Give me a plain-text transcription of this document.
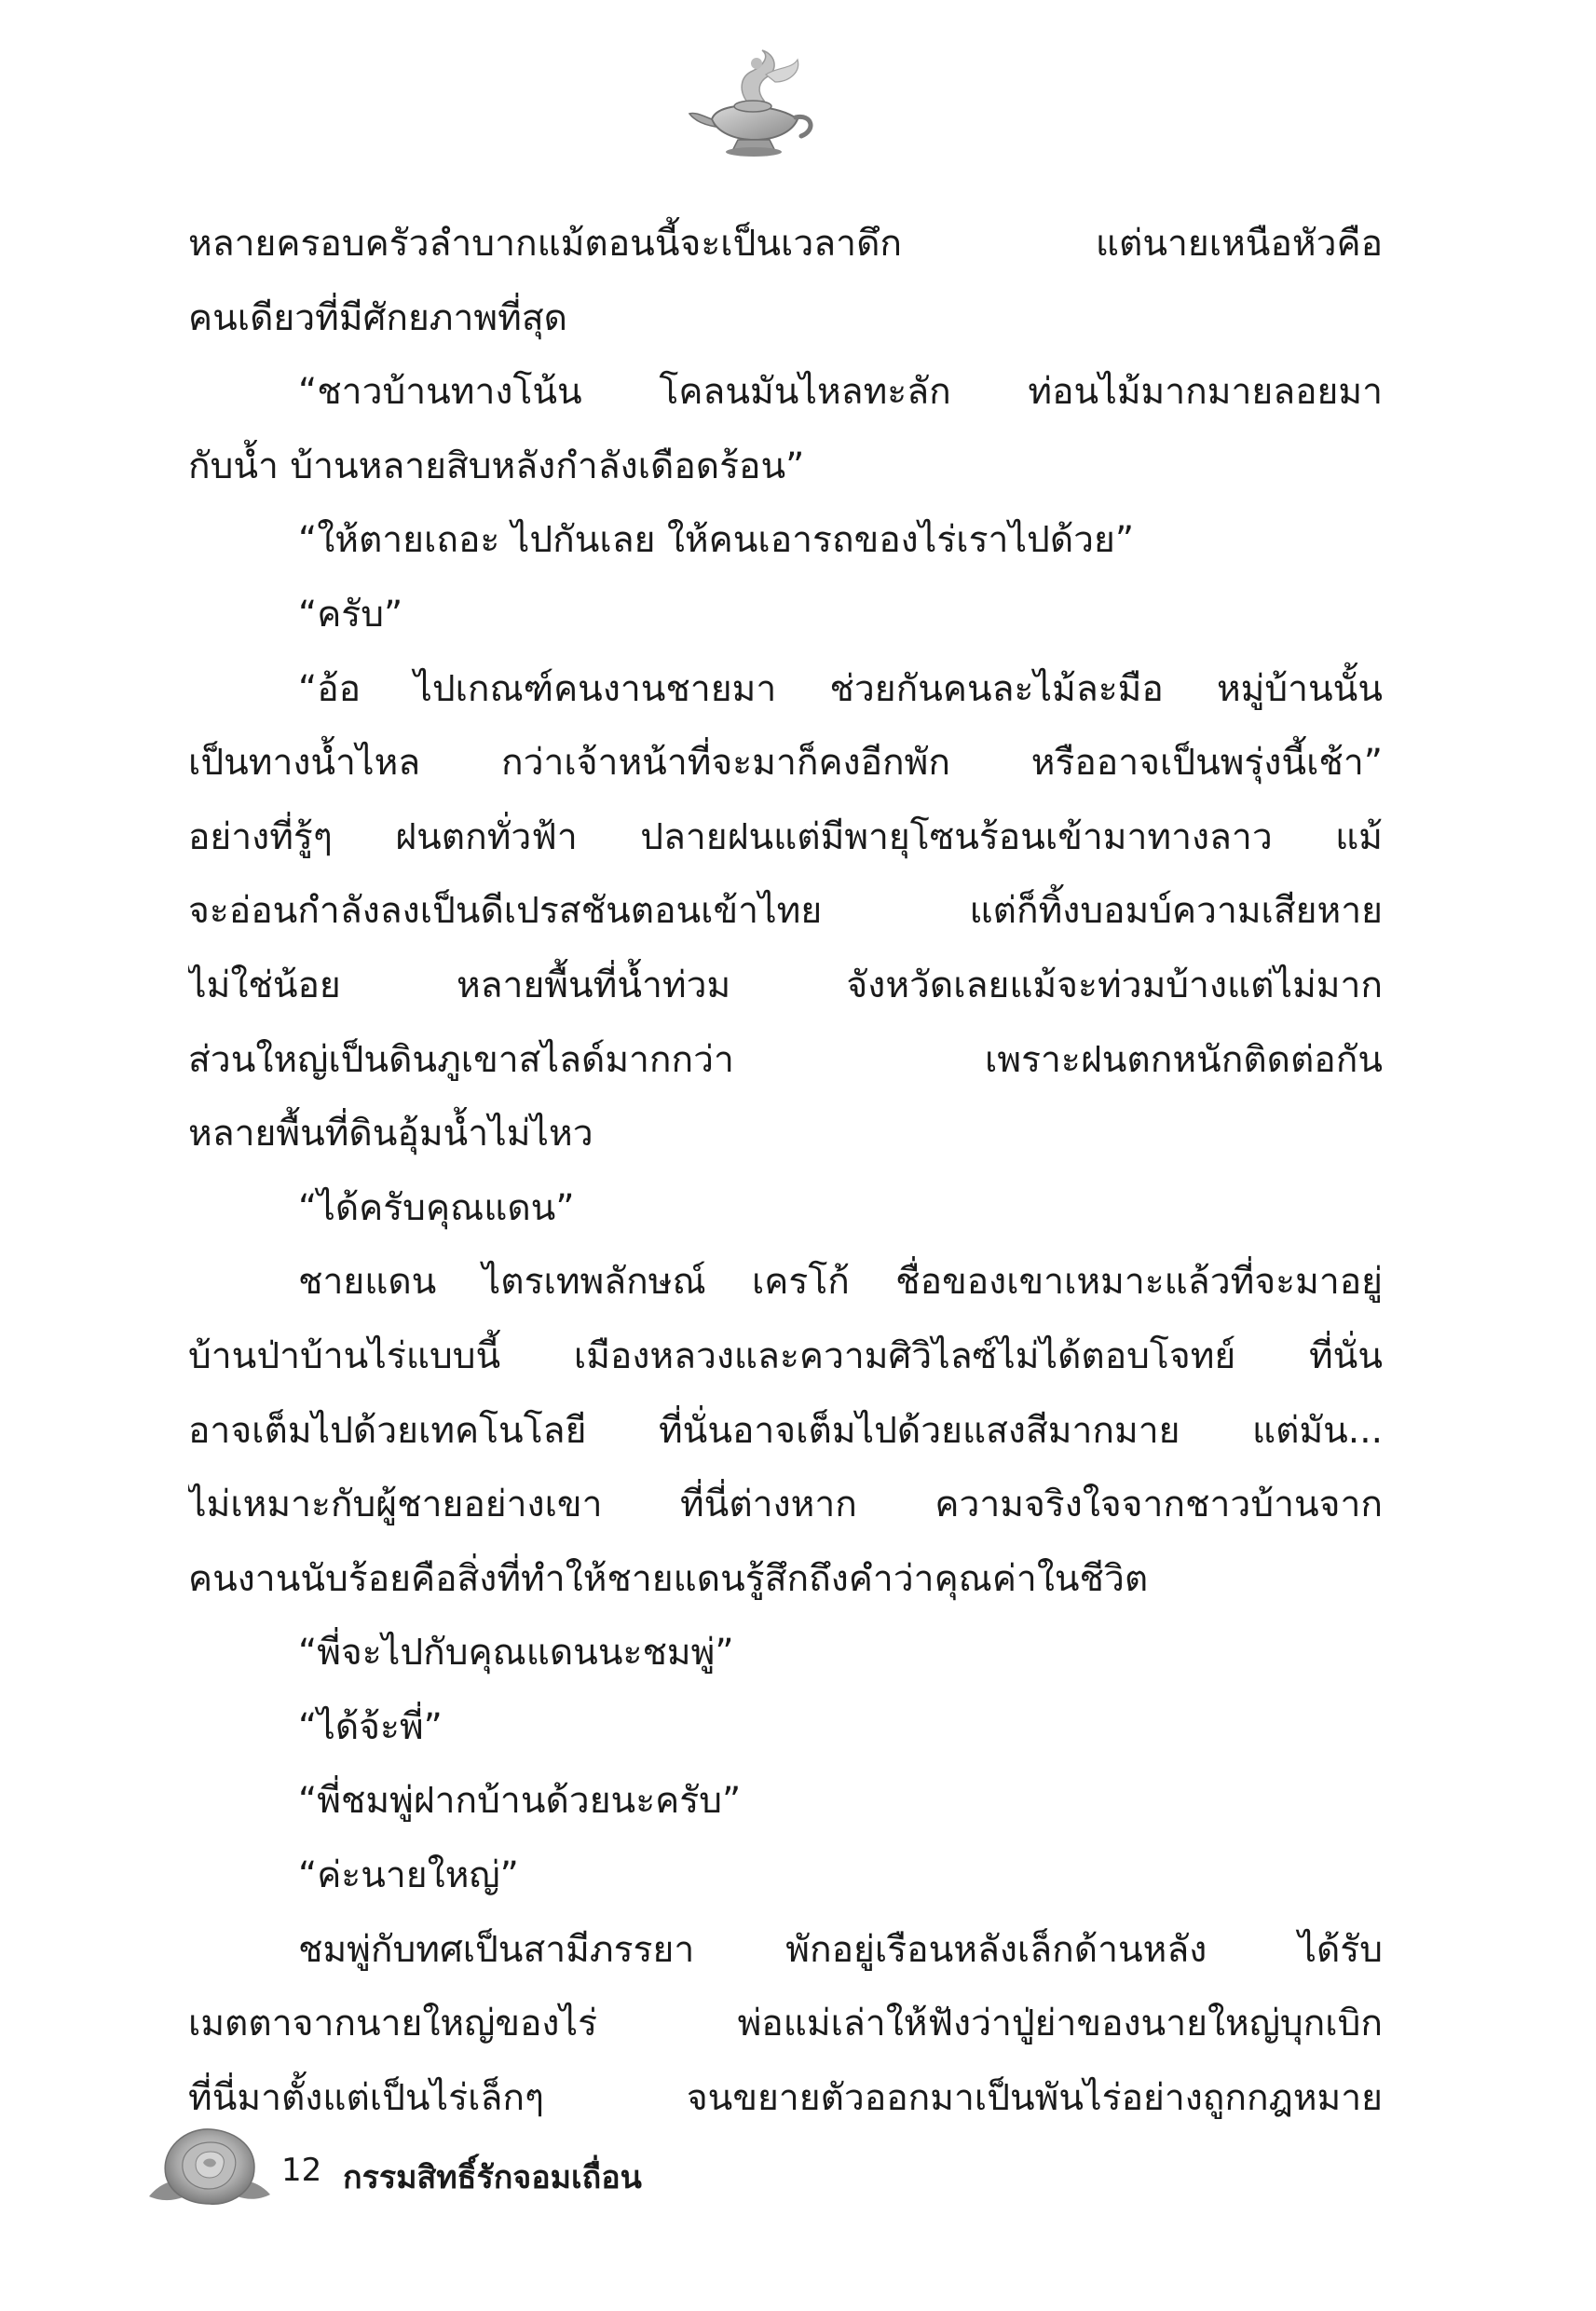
หลายครอบครัวลำบากแม้ตอนนี้จะเป็นเวลาดึก แต่นายเหนือหัวคือ
คนเดียวที่มีศักยภาพที่สุด
“ชาวบ้านทางโน้น โคลนมันไหลทะลัก ท่อนไม้มากมายลอยมา
กับน้ำ บ้านหลายสิบหลังกำลังเดือดร้อน”
“ให้ตายเถอะ ไปกันเลย ให้คนเอารถของไร่เราไปด้วย”
“ครับ”
“อ้อ ไปเกณฑ์คนงานชายมา ช่วยกันคนละไม้ละมือ หมู่บ้านนั้น
เป็นทางน้ำไหล กว่าเจ้าหน้าที่จะมาก็คงอีกพัก หรืออาจเป็นพรุ่งนี้เช้า”
อย่างที่รู้ๆ ฝนตกทั่วฟ้า ปลายฝนแต่มีพายุโซนร้อนเข้ามาทางลาว แม้
จะอ่อนกำลังลงเป็นดีเปรสชันตอนเข้าไทย แต่ก็ทิ้งบอมบ์ความเสียหาย
ไม่ใช่น้อย หลายพื้นที่น้ำท่วม จังหวัดเลยแม้จะท่วมบ้างแต่ไม่มาก
ส่วนใหญ่เป็นดินภูเขาสไลด์มากกว่า เพราะฝนตกหนักติดต่อกัน
หลายพื้นที่ดินอุ้มน้ำไม่ไหว
“ได้ครับคุณแดน”
ชายแดน ไตรเทพลักษณ์ เครโก้ ชื่อของเขาเหมาะแล้วที่จะมาอยู่
บ้านป่าบ้านไร่แบบนี้ เมืองหลวงและความศิวิไลซ์ไม่ได้ตอบโจทย์ ที่นั่น
อาจเต็มไปด้วยเทคโนโลยี ที่นั่นอาจเต็มไปด้วยแสงสีมากมาย แต่มัน...
ไม่เหมาะกับผู้ชายอย่างเขา ที่นี่ต่างหาก ความจริงใจจากชาวบ้านจาก
คนงานนับร้อยคือสิ่งที่ทำให้ชายแดนรู้สึกถึงคำว่าคุณค่าในชีวิต
“พี่จะไปกับคุณแดนนะชมพู่”
“ได้จ้ะพี่”
“พี่ชมพู่ฝากบ้านด้วยนะครับ”
“ค่ะนายใหญ่”
ชมพู่กับทศเป็นสามีภรรยา พักอยู่เรือนหลังเล็กด้านหลัง ได้รับ
เมตตาจากนายใหญ่ของไร่ พ่อแม่เล่าให้ฟังว่าปู่ย่าของนายใหญ่บุกเบิก
ที่นี่มาตั้งแต่เป็นไร่เล็กๆ จนขยายตัวออกมาเป็นพันไร่อย่างถูกกฎหมาย
12 กรรมสิทธิ์รักจอมเถื่อน
